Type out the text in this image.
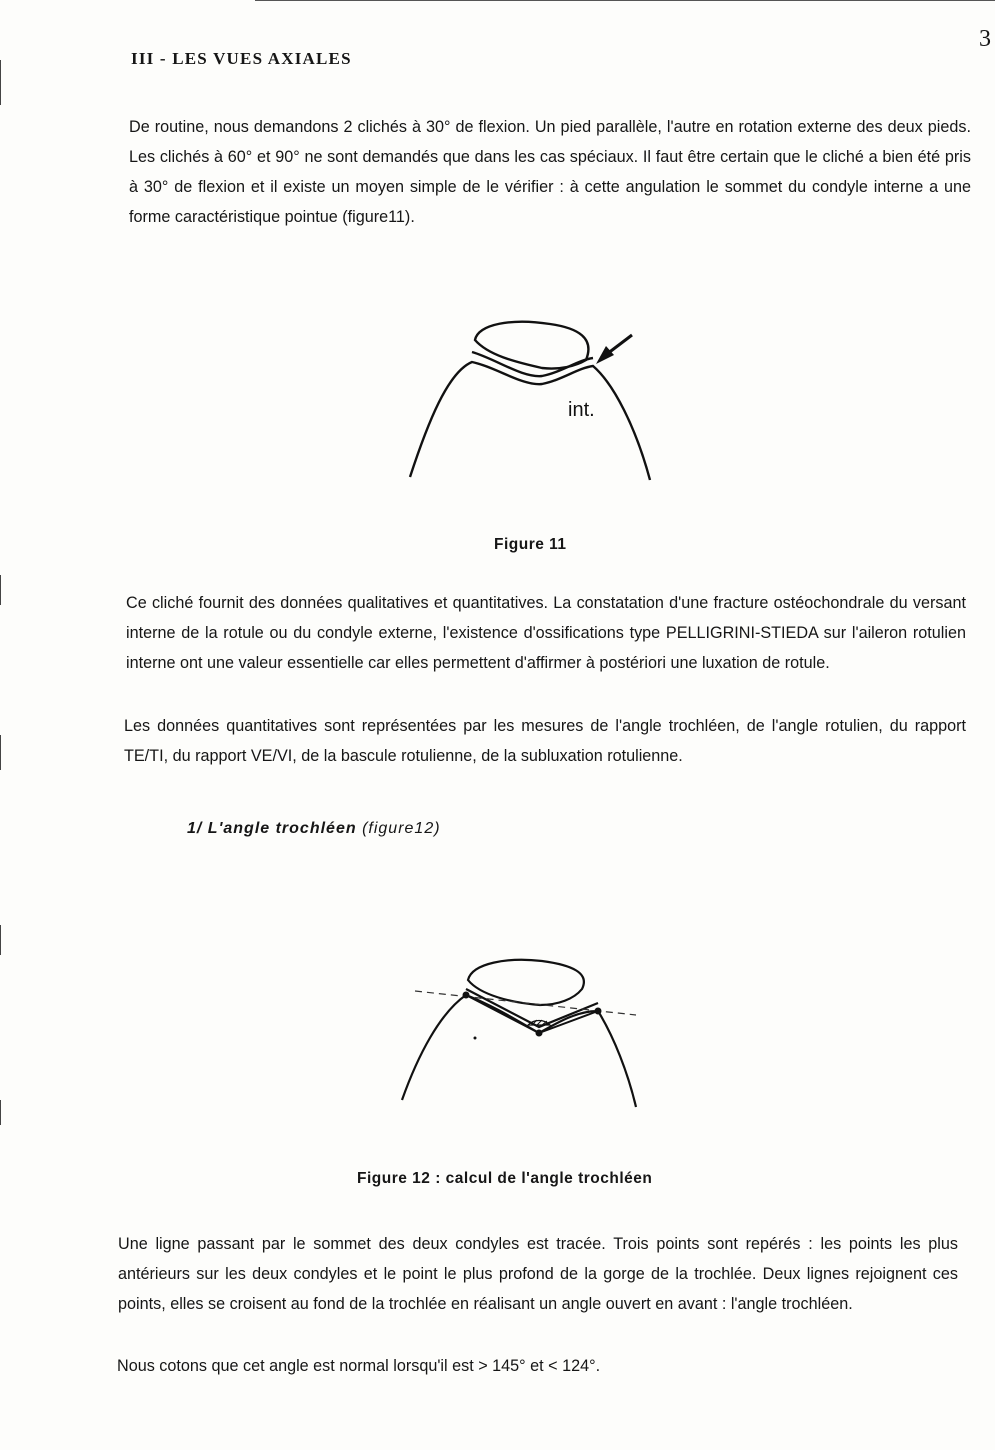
3
III - LES VUES AXIALES

De routine, nous demandons 2 clichés à 30° de flexion. Un pied parallèle, l'autre en rotation externe des deux pieds. Les clichés à 60° et 90° ne sont demandés que dans les cas spéciaux. Il faut être certain que le cliché a bien été pris à 30° de flexion et il existe un moyen simple de le vérifier : à cette angulation le sommet du condyle interne a une forme caractéristique pointue (figure11).

int.

Figure 11

Ce cliché fournit des données qualitatives et quantitatives. La constatation d'une fracture ostéochondrale du versant interne de la rotule ou du condyle externe, l'existence d'ossifications type PELLIGRINI-STIEDA sur l'aileron rotulien interne ont une valeur essentielle car elles permettent d'affirmer à postériori une luxation de rotule.

Les données quantitatives sont représentées par les mesures de l'angle trochléen, de l'angle rotulien, du rapport TE/TI, du rapport VE/VI, de la bascule rotulienne, de la subluxation rotulienne.

1/ L'angle trochléen (figure12)

Figure 12 : calcul de l'angle trochléen

Une ligne passant par le sommet des deux condyles est tracée. Trois points sont repérés : les points les plus antérieurs sur les deux condyles et le point le plus profond de la gorge de la trochlée. Deux lignes rejoignent ces points, elles se croisent au fond de la trochlée en réalisant un angle ouvert en avant : l'angle trochléen.

Nous cotons que cet angle est normal lorsqu'il est > 145° et < 124°.
